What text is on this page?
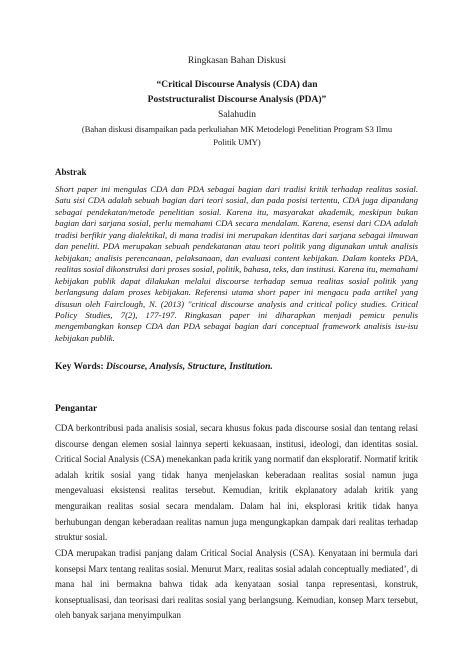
Ringkasan Bahan Diskusi
“Critical Discourse Analysis (CDA) dan
Poststructuralist Discourse Analysis (PDA)”
Salahudin
(Bahan diskusi disampaikan pada perkuliahan MK Metodelogi Penelitian Program S3 Ilmu
Politik UMY)
Abstrak

Short paper ini mengulas CDA dan PDA sebagai bagian dari tradisi kritik terhadap realitas sosial. Satu sisi CDA adalah sebuah bagian dari teori sosial, dan pada posisi tertentu, CDA juga dipandang sebagai pendekatan/metode penelitian sosial. Karena itu, masyarakat akademik, meskipun bukan bagian dari sarjana sosial, perlu memahami CDA secara mendalam. Karena, esensi dari CDA adalah tradisi berfikir yang dialektikal, di mana tradisi ini merupakan identitas dari sarjana sebagai ilmuwan dan peneliti. PDA merupakan sebuah pendekatanan atau teori politik yang digunakan untuk analisis kebijakan; analisis perencanaan, pelaksanaan, dan evaluasi content kebijakan. Dalam konteks PDA, realitas sosial dikonstruksi dari proses sosial, politik, bahasa, teks, dan institusi. Karena itu, memahami kebijakan publik dapat dilakukan melalui discourse terhadap semua realitas sosial politik yang berlangsung dalam proses kebijakan. Referensi utama short paper ini mengacu pada artikel yang disusun oleh Fairclough, N. (2013) ''critical discourse analysis and critical policy studies. Critical Policy Studies, 7(2), 177-197. Ringkasan paper ini diharapkan menjadi pemicu penulis mengembangkan konsep CDA dan PDA sebagai bagian dari conceptual framework analisis isu-isu kebijakan publik.

Key Words: Discourse, Analysis, Structure, Institution.
Pengantar

CDA berkontribusi pada analisis sosial, secara khusus fokus pada discourse sosial dan tentang relasi discourse dengan elemen sosial lainnya seperti kekuasaan, institusi, ideologi, dan identitas sosial. Critical Social Analysis (CSA) menekankan pada kritik yang normatif dan eksploratif. Normatif kritik adalah kritik sosial yang tidak hanya menjelaskan keberadaan realitas sosial namun juga mengevaluasi eksistensi realitas tersebut. Kemudian, kritik ekplanatory adalah kritik yang menguraikan realitas sosial secara mendalam. Dalam hal ini, eksplorasi kritik tidak hanya berhubungan dengan keberadaan realitas namun juga mengungkapkan dampak dari realitas terhadap struktur sosial.

CDA merupakan tradisi panjang dalam Critical Social Analysis (CSA). Kenyataan ini bermula dari konsepsi Marx tentang realitas sosial. Menurut Marx, realitas sosial adalah conceptually mediated’, di mana hal ini bermakna bahwa tidak ada kenyataan sosial tanpa representasi, konstruk, konseptualisasi, dan teorisasi dari realitas sosial yang berlangsung. Kemudian, konsep Marx tersebut, oleh banyak sarjana menyimpulkan
